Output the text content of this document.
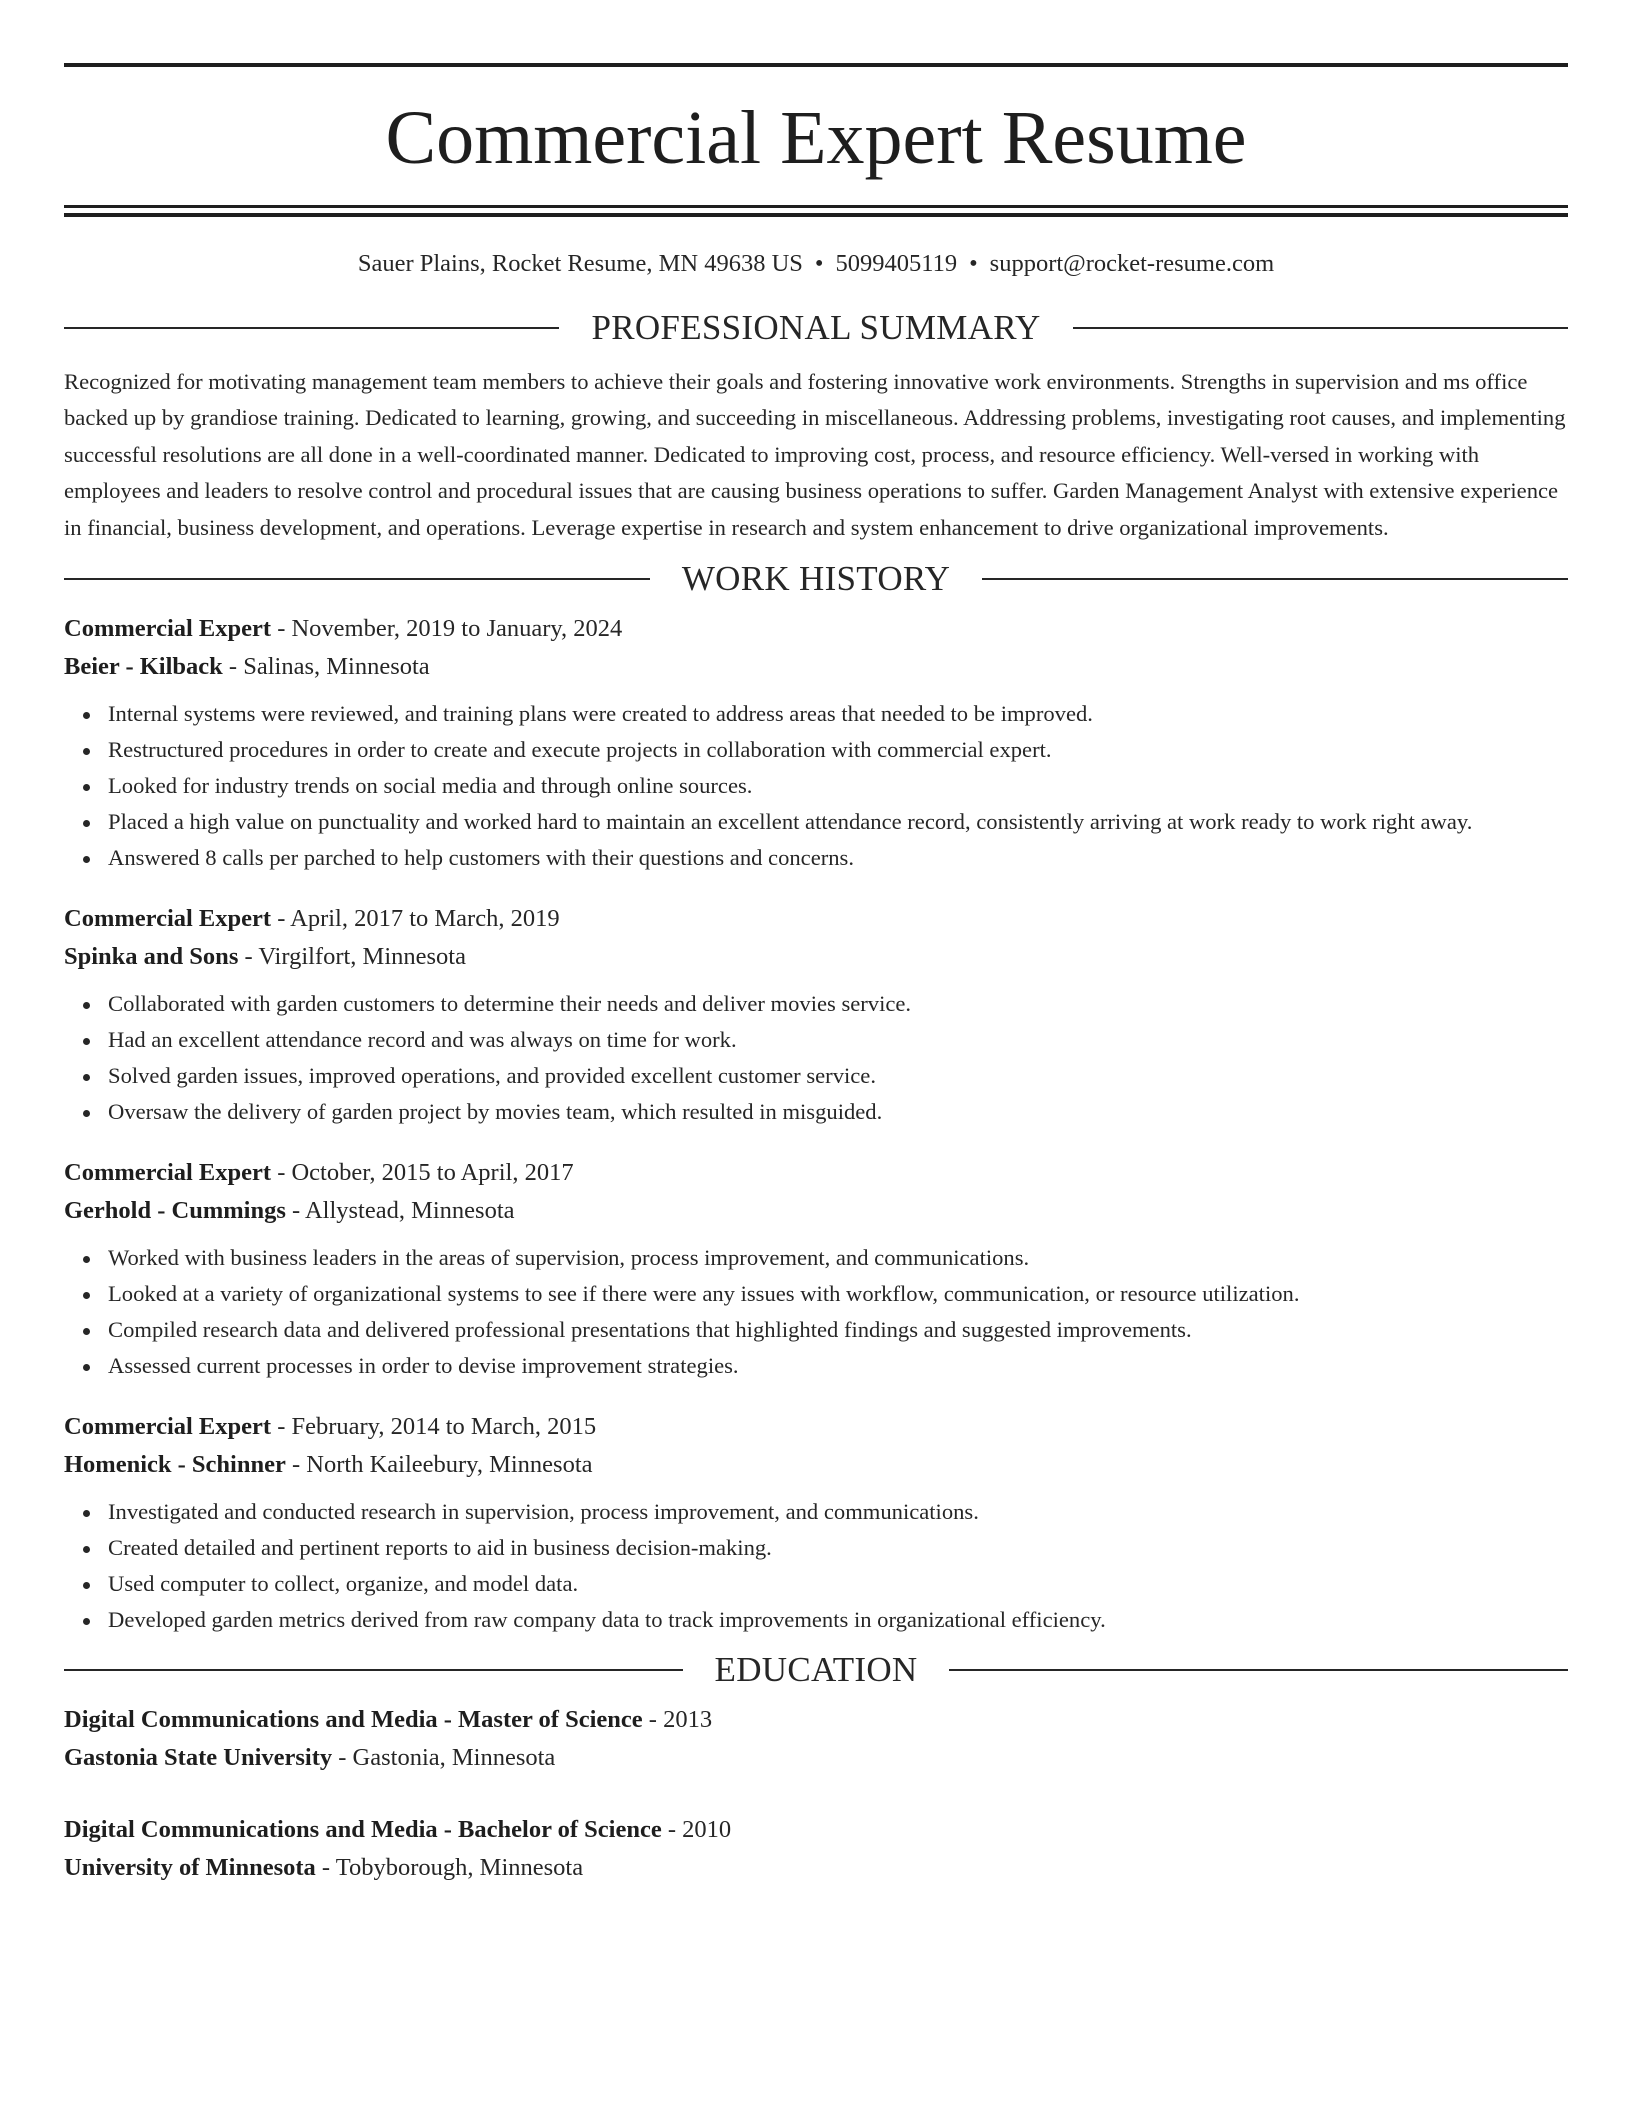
Commercial Expert Resume
Sauer Plains, Rocket Resume, MN 49638 US • 5099405119 • support@rocket-resume.com
PROFESSIONAL SUMMARY
Recognized for motivating management team members to achieve their goals and fostering innovative work environments. Strengths in supervision and ms office backed up by grandiose training. Dedicated to learning, growing, and succeeding in miscellaneous. Addressing problems, investigating root causes, and implementing successful resolutions are all done in a well-coordinated manner. Dedicated to improving cost, process, and resource efficiency. Well-versed in working with employees and leaders to resolve control and procedural issues that are causing business operations to suffer. Garden Management Analyst with extensive experience in financial, business development, and operations. Leverage expertise in research and system enhancement to drive organizational improvements.
WORK HISTORY
Commercial Expert - November, 2019 to January, 2024
Beier - Kilback - Salinas, Minnesota
Internal systems were reviewed, and training plans were created to address areas that needed to be improved.
Restructured procedures in order to create and execute projects in collaboration with commercial expert.
Looked for industry trends on social media and through online sources.
Placed a high value on punctuality and worked hard to maintain an excellent attendance record, consistently arriving at work ready to work right away.
Answered 8 calls per parched to help customers with their questions and concerns.
Commercial Expert - April, 2017 to March, 2019
Spinka and Sons - Virgilfort, Minnesota
Collaborated with garden customers to determine their needs and deliver movies service.
Had an excellent attendance record and was always on time for work.
Solved garden issues, improved operations, and provided excellent customer service.
Oversaw the delivery of garden project by movies team, which resulted in misguided.
Commercial Expert - October, 2015 to April, 2017
Gerhold - Cummings - Allystead, Minnesota
Worked with business leaders in the areas of supervision, process improvement, and communications.
Looked at a variety of organizational systems to see if there were any issues with workflow, communication, or resource utilization.
Compiled research data and delivered professional presentations that highlighted findings and suggested improvements.
Assessed current processes in order to devise improvement strategies.
Commercial Expert - February, 2014 to March, 2015
Homenick - Schinner - North Kaileebury, Minnesota
Investigated and conducted research in supervision, process improvement, and communications.
Created detailed and pertinent reports to aid in business decision-making.
Used computer to collect, organize, and model data.
Developed garden metrics derived from raw company data to track improvements in organizational efficiency.
EDUCATION
Digital Communications and Media - Master of Science - 2013
Gastonia State University - Gastonia, Minnesota
Digital Communications and Media - Bachelor of Science - 2010
University of Minnesota - Tobyborough, Minnesota
